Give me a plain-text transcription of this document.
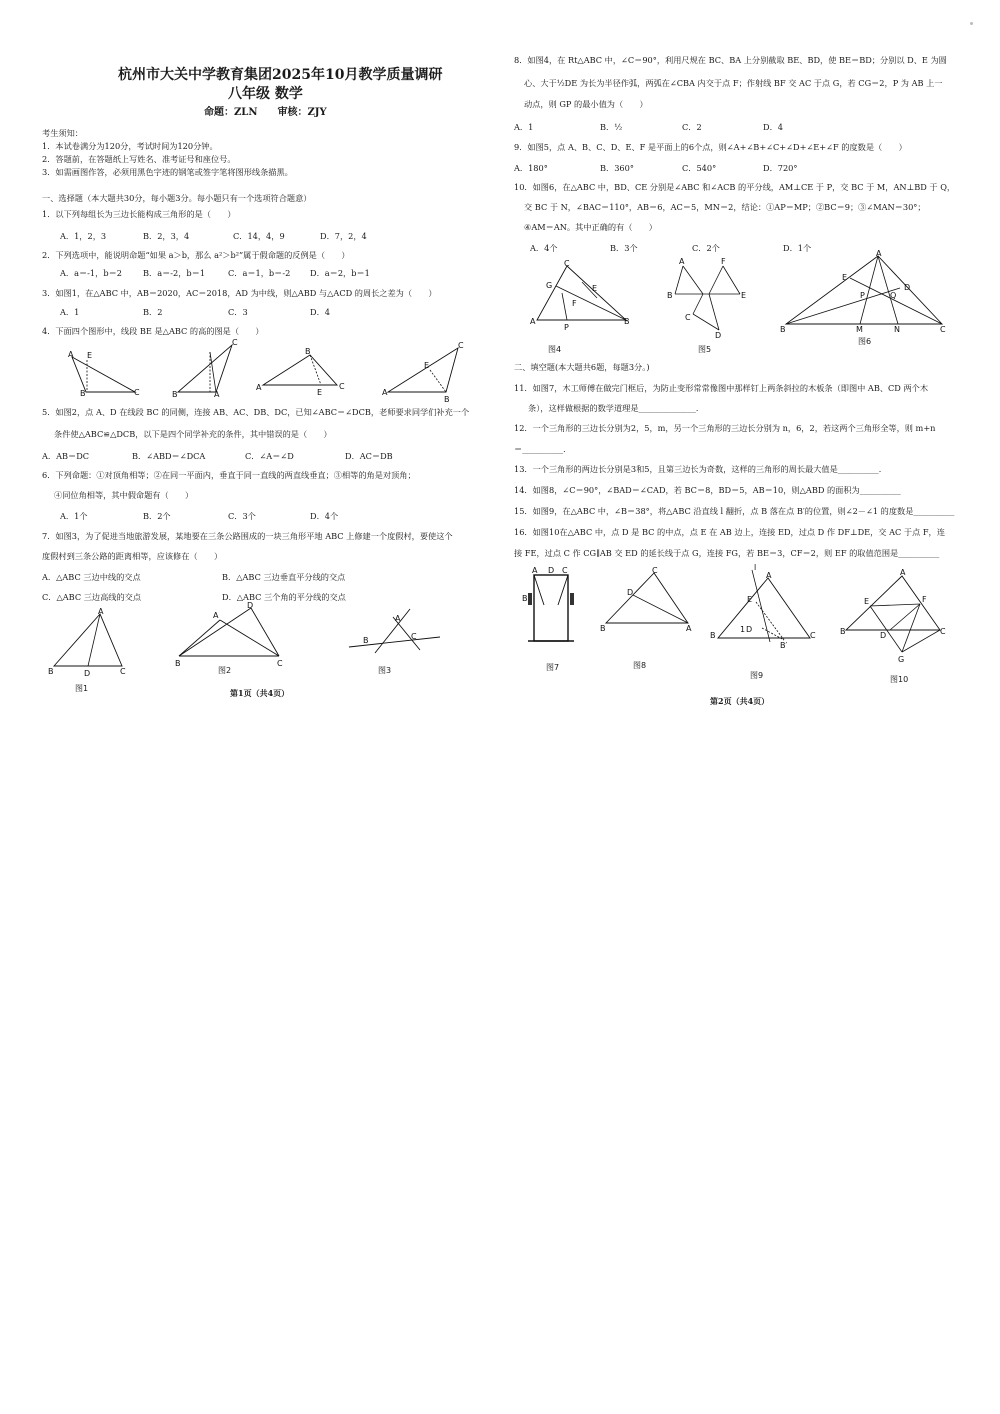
杭州市大关中学教育集团2025年10月教学质量调研
八年级 数学
命题：ZLN　　审核：ZJY
考生须知：
1．本试卷满分为120分，考试时间为120分钟。
2．答题前，在答题纸上写姓名、准考证号和座位号。
3．如需画图作答，必须用黑色字迹的钢笔或签字笔将图形线条描黑。
一、选择题（本大题共30分，每小题3分。每小题只有一个选项符合题意）
1．以下列每组长为三边长能构成三角形的是（　　）
A．1，2，3	B．2，3，4	C．14，4，9	D．7，2，4
2．下列选项中，能说明命题“如果 a＞b，那么 a²＞b²”属于假命题的反例是（　　）
A．a＝-1，b＝2	B．a＝-2，b＝1	C．a＝1，b＝-2 D．a＝2，b＝1
3．如图1，在△ABC 中，AB＝2020，AC＝2018，AD 为中线，则△ABD 与△ACD 的周长之差为（　　）
A．1	B．2	C．3	D．4
4．下面四个图形中，线段 BE 是△ABC 的高的图是（　　）
A E
C
B	B
C
A
B
A	C
E
C
E
A
B
5．如图2，点 A、D 在线段 BC 的同侧，连接 AB、AC、DB、DC，已知∠ABC＝∠DCB，老师要求同学们补充一个
条件使△ABC≌△DCB，以下是四个同学补充的条件，其中错误的是（　　）
A．AB＝DC	B．∠ABD＝∠DCA	C．∠A＝∠D	D．AC＝DB
6．下列命题：①对顶角相等；②在同一平面内，垂直于同一直线的两直线垂直；③相等的角是对顶角；
④同位角相等，其中假命题有（　　）
A．1个	B．2个	C．3个	D．4个
7．如图3，为了促进当地旅游发展，某地要在三条公路围成的一块三角形平地 ABC 上修建一个度假村，要使这个
度假村到三条公路的距离相等，应该修在（　　）
A．△ABC 三边中线的交点	B．△ABC 三边垂直平分线的交点
C．△ABC 三边高线的交点	D．△ABC 三个角的平分线的交点
A
B	D	C
图1
A
D
B	C
图2
B
A
C
图3
第1页（共4页）
8．如图4，在 Rt△ABC 中，∠C＝90°，利用尺规在 BC、BA 上分别截取 BE、BD，使 BE＝BD；分别以 D、E 为圆
心、大于½DE 为长为半径作弧，两弧在∠CBA 内交于点 F；作射线 BF 交 AC 于点 G，若 CG＝2，P 为 AB 上一
动点，则 GP 的最小值为（　　）
A．1	B．½	C．2	D．4
9．如图5，点 A、B、C、D、E、F 是平面上的6个点，则∠A+∠B+∠C+∠D+∠E+∠F 的度数是（　　）
A．180°	B．360°	C．540°	D．720°
10．如图6，在△ABC 中，BD、CE 分别是∠ABC 和∠ACB 的平分线，AM⊥CE 于 P，交 BC 于 M，AN⊥BD 于 Q，
交 BC 于 N，∠BAC＝110°，AB＝6，AC＝5，MN＝2，结论：①AP＝MP；②BC＝9；③∠MAN＝30°；
④AM＝AN。其中正确的有（　　）
A．4个	B．3个	C．2个	D．1个
C
G	E
F
A
P
B
图4
A	F
B	E
C
D
图5
A
P	Q
D
E
B	M	N	C
图6
二、填空题(本大题共6题，每题3分。)
11．如图7，木工师傅在做完门框后，为防止变形常常像图中那样钉上两条斜拉的木板条（即图中 AB、CD 两个木
条），这样做根据的数学道理是______________．
12．一个三角形的三边长分别为2，5，m，另一个三角形的三边长分别为 n，6，2，若这两个三角形全等，则 m+n
＝__________．
13．一个三角形的两边长分别是3和5，且第三边长为奇数，这样的三角形的周长最大值是__________．
14．如图8，∠C＝90°，∠BAD＝∠CAD，若 BC＝8，BD＝5，AB＝10，则△ABD 的面积为__________
15．如图9，在△ABC 中，∠B＝38°，将△ABC 沿直线 l 翻折，点 B 落在点 B′的位置，则∠2－∠1 的度数是__________
16．如图10在△ABC 中，点 D 是 BC 的中点，点 E 在 AB 边上，连接 ED，过点 D 作 DF⊥DE，交 AC 于点 F，连
接 FE，过点 C 作 CG∥AB 交 ED 的延长线于点 G，连接 FG，若 BE＝3，CF＝2，则 EF 的取值范围是__________
A D C
B
图7
C
D
B	A
图8
l
A
E
B
1 D
B′
C
图9
A
E	F
D
B	C
G
图10
第2页（共4页）
